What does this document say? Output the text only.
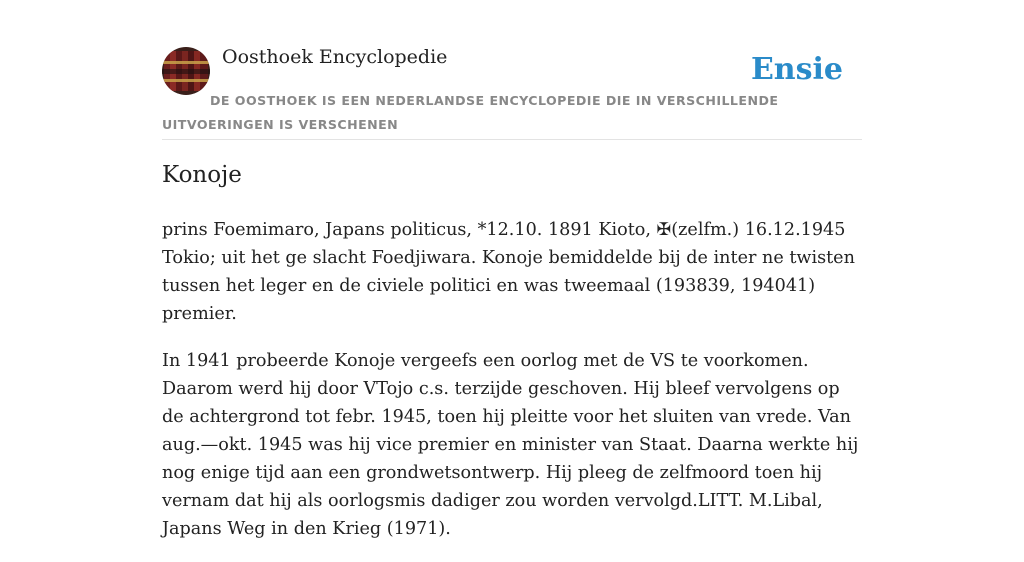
Oosthoek Encyclopedie	Ensie
DE OOSTHOEK IS EEN NEDERLANDSE ENCYCLOPEDIE DIE IN VERSCHILLENDE UITVOERINGEN IS VERSCHENEN
Konoje

prins Foemimaro, Japans politicus, *12.10. 1891 Kioto, ✠(zelfm.) 16.12.1945 Tokio; uit het ge slacht Foedjiwara. Konoje bemiddelde bij de inter ne twisten tussen het leger en de civiele politici en was tweemaal (193839, 194041) premier.

In 1941 probeerde Konoje vergeefs een oorlog met de VS te voorkomen. Daarom werd hij door VTojo c.s. terzijde geschoven. Hij bleef vervolgens op de achtergrond tot febr. 1945, toen hij pleitte voor het sluiten van vrede. Van aug.—okt. 1945 was hij vice premier en minister van Staat. Daarna werkte hij nog enige tijd aan een grondwetsontwerp. Hij pleeg de zelfmoord toen hij vernam dat hij als oorlogsmis dadiger zou worden vervolgd.LITT. M.Libal, Japans Weg in den Krieg (1971).
